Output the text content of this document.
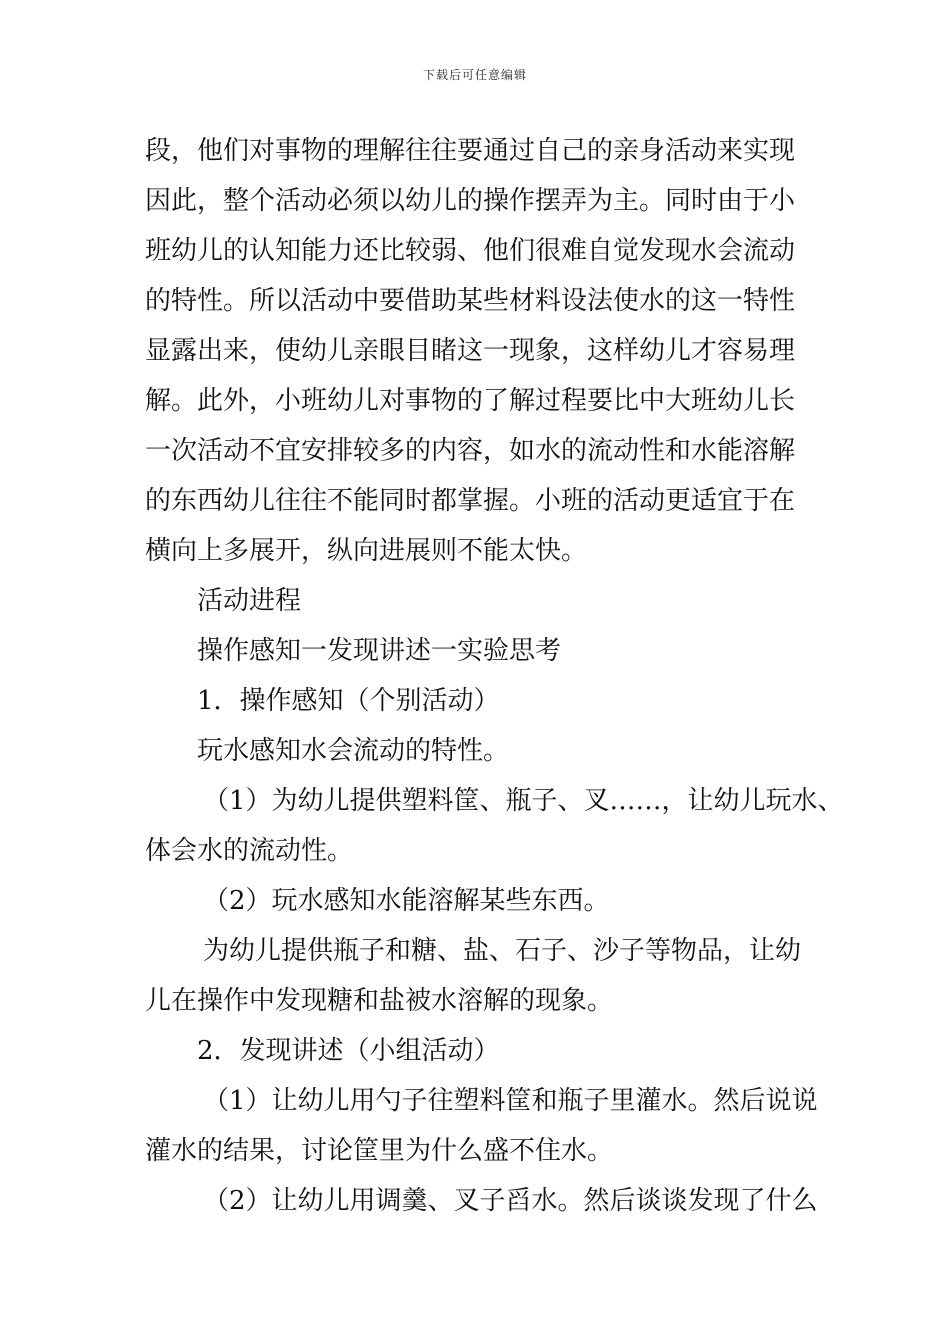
下载后可任意编辑
段，他们对事物的理解往往要通过自己的亲身活动来实现
因此，整个活动必须以幼儿的操作摆弄为主。同时由于小
班幼儿的认知能力还比较弱、他们很难自觉发现水会流动
的特性。所以活动中要借助某些材料设法使水的这一特性
显露出来，使幼儿亲眼目睹这一现象，这样幼儿才容易理
解。此外，小班幼儿对事物的了解过程要比中大班幼儿长
一次活动不宜安排较多的内容，如水的流动性和水能溶解
的东西幼儿往往不能同时都掌握。小班的活动更适宜于在
横向上多展开，纵向进展则不能太快。
活动进程
操作感知一发现讲述一实验思考
1．操作感知（个别活动）
玩水感知水会流动的特性。
（1）为幼儿提供塑料筐、瓶子、叉……，让幼儿玩水、
体会水的流动性。
（2）玩水感知水能溶解某些东西。
为幼儿提供瓶子和糖、盐、石子、沙子等物品，让幼
儿在操作中发现糖和盐被水溶解的现象。
2．发现讲述（小组活动）
（1）让幼儿用勺子往塑料筐和瓶子里灌水。然后说说
灌水的结果，讨论筐里为什么盛不住水。
（2）让幼儿用调羹、叉子舀水。然后谈谈发现了什么
